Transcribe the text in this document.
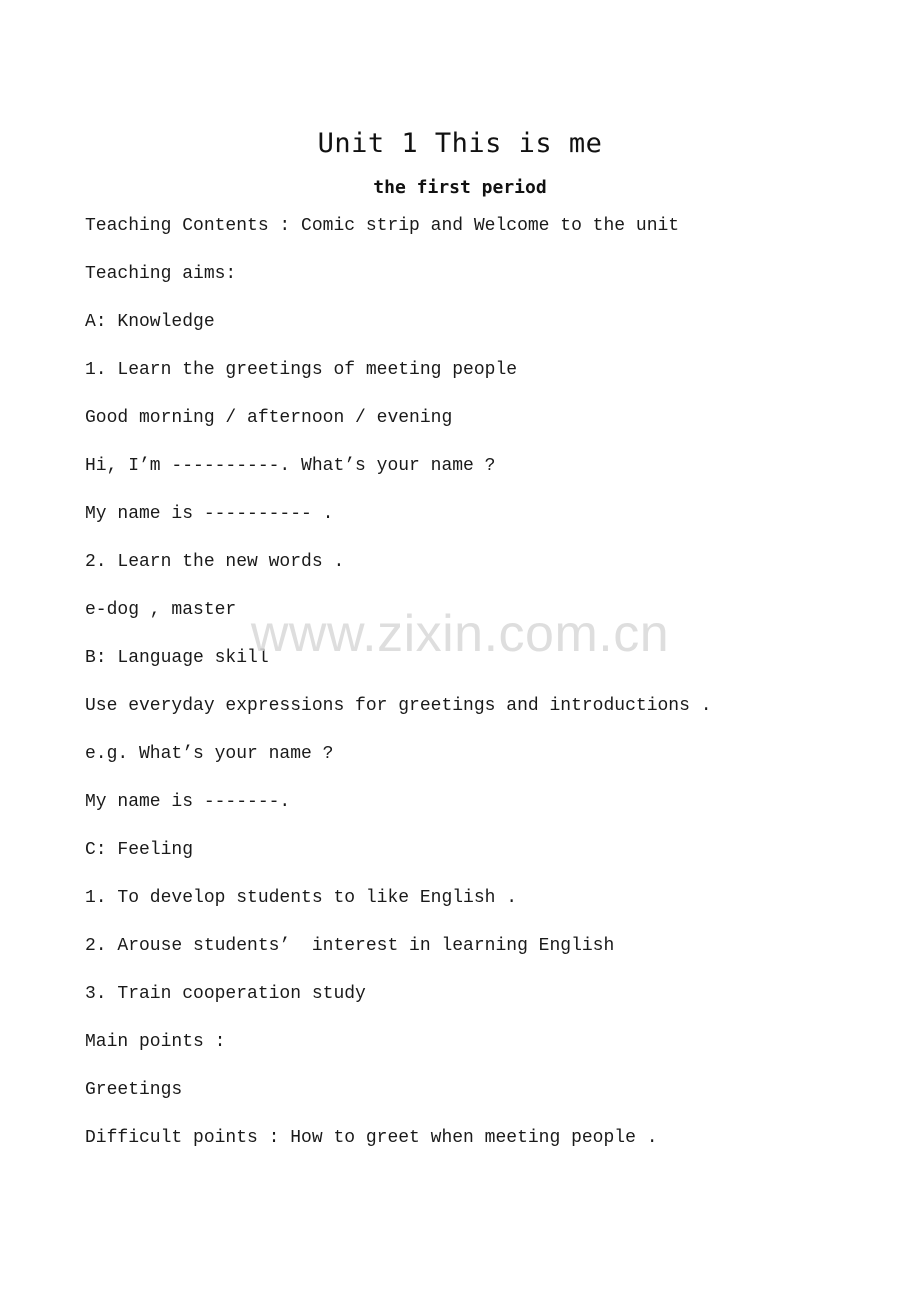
Unit 1 This is me
the first period
Teaching Contents : Comic strip and Welcome to the unit
Teaching aims:
A: Knowledge
1. Learn the greetings of meeting people
Good morning / afternoon / evening
Hi, I’m ----------. What’s your name ?
My name is ---------- .
2. Learn the new words .
e-dog , master
B: Language skill
Use everyday expressions for greetings and introductions .
e.g. What’s your name ?
My name is -------.
C: Feeling
1. To develop students to like English .
2. Arouse students’  interest in learning English
3. Train cooperation study
Main points :
Greetings
Difficult points : How to greet when meeting people .
www.zixin.com.cn
